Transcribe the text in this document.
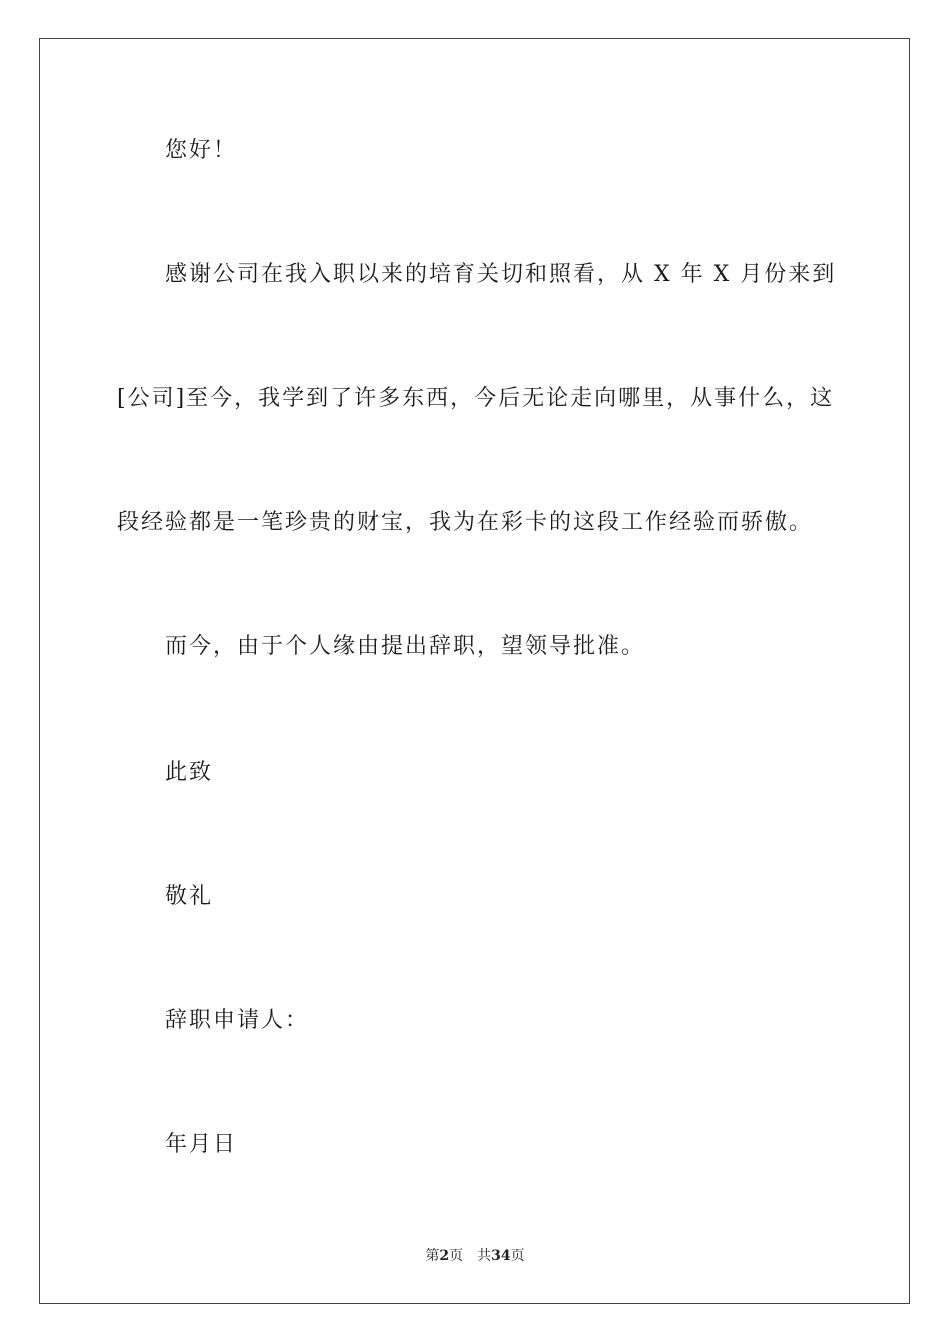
您好！
感谢公司在我入职以来的培育关切和照看，从 X 年 X 月份来到
[公司]至今，我学到了许多东西，今后无论走向哪里，从事什么，这
段经验都是一笔珍贵的财宝，我为在彩卡的这段工作经验而骄傲。
而今，由于个人缘由提出辞职，望领导批准。
此致
敬礼
辞职申请人：
年月日
第2页 共34页
